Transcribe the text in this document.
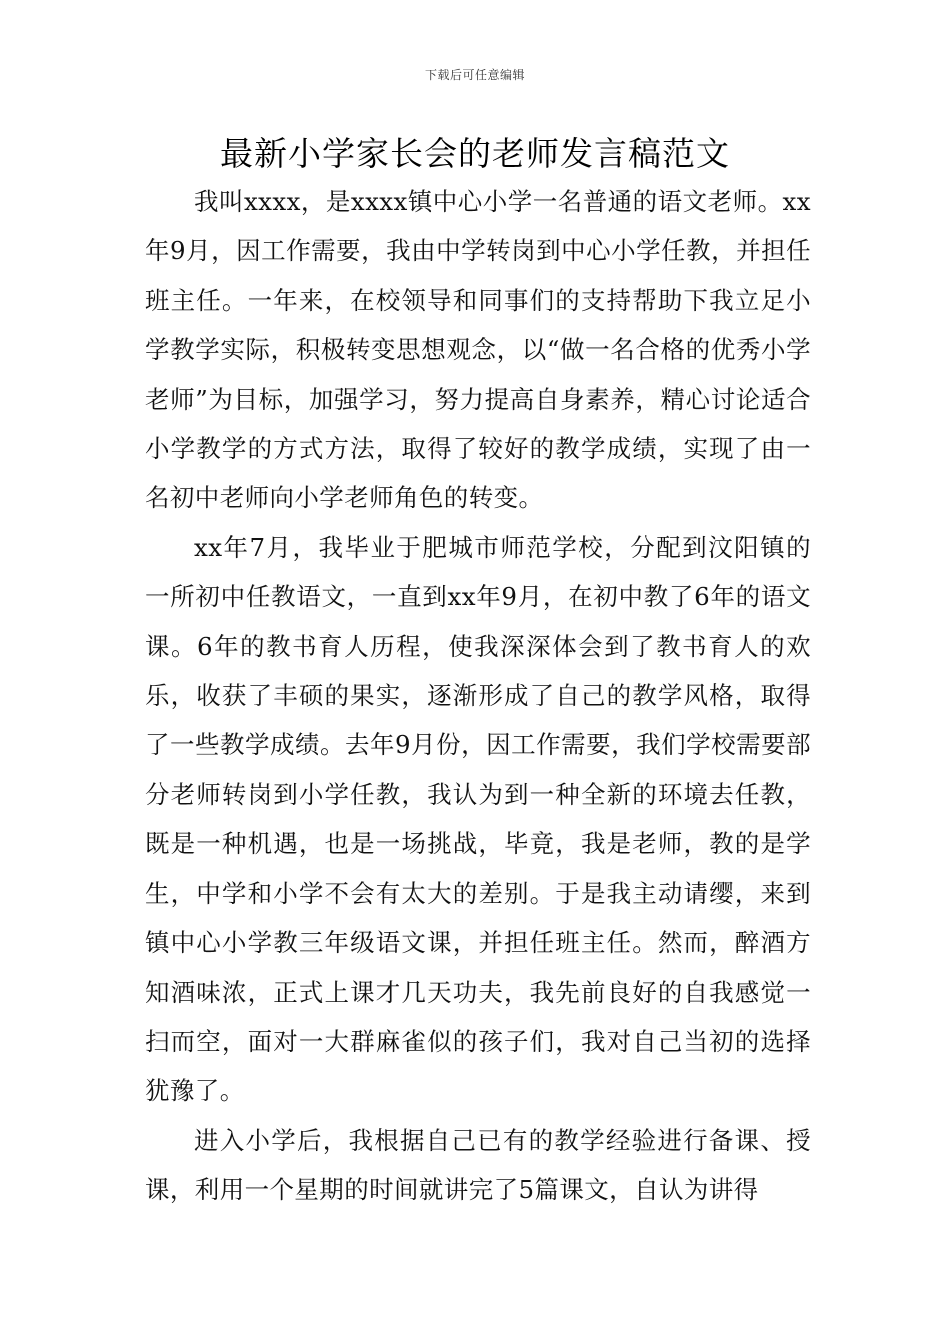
下载后可任意编辑
最新小学家长会的老师发言稿范文

我叫xxxx，是xxxx镇中心小学一名普通的语文老师。xx年9月，因工作需要，我由中学转岗到中心小学任教，并担任班主任。一年来，在校领导和同事们的支持帮助下我立足小学教学实际，积极转变思想观念，以“做一名合格的优秀小学老师”为目标，加强学习，努力提高自身素养，精心讨论适合小学教学的方式方法，取得了较好的教学成绩，实现了由一名初中老师向小学老师角色的转变。

xx年7月，我毕业于肥城市师范学校，分配到汶阳镇的一所初中任教语文，一直到xx年9月，在初中教了6年的语文课。6年的教书育人历程，使我深深体会到了教书育人的欢乐，收获了丰硕的果实，逐渐形成了自己的教学风格，取得了一些教学成绩。去年9月份，因工作需要，我们学校需要部分老师转岗到小学任教，我认为到一种全新的环境去任教，既是一种机遇，也是一场挑战，毕竟，我是老师，教的是学生，中学和小学不会有太大的差别。于是我主动请缨，来到镇中心小学教三年级语文课，并担任班主任。然而，醉酒方知酒味浓，正式上课才几天功夫，我先前良好的自我感觉一扫而空，面对一大群麻雀似的孩子们，我对自己当初的选择犹豫了。

进入小学后，我根据自己已有的教学经验进行备课、授课，利用一个星期的时间就讲完了5篇课文，自认为讲得
